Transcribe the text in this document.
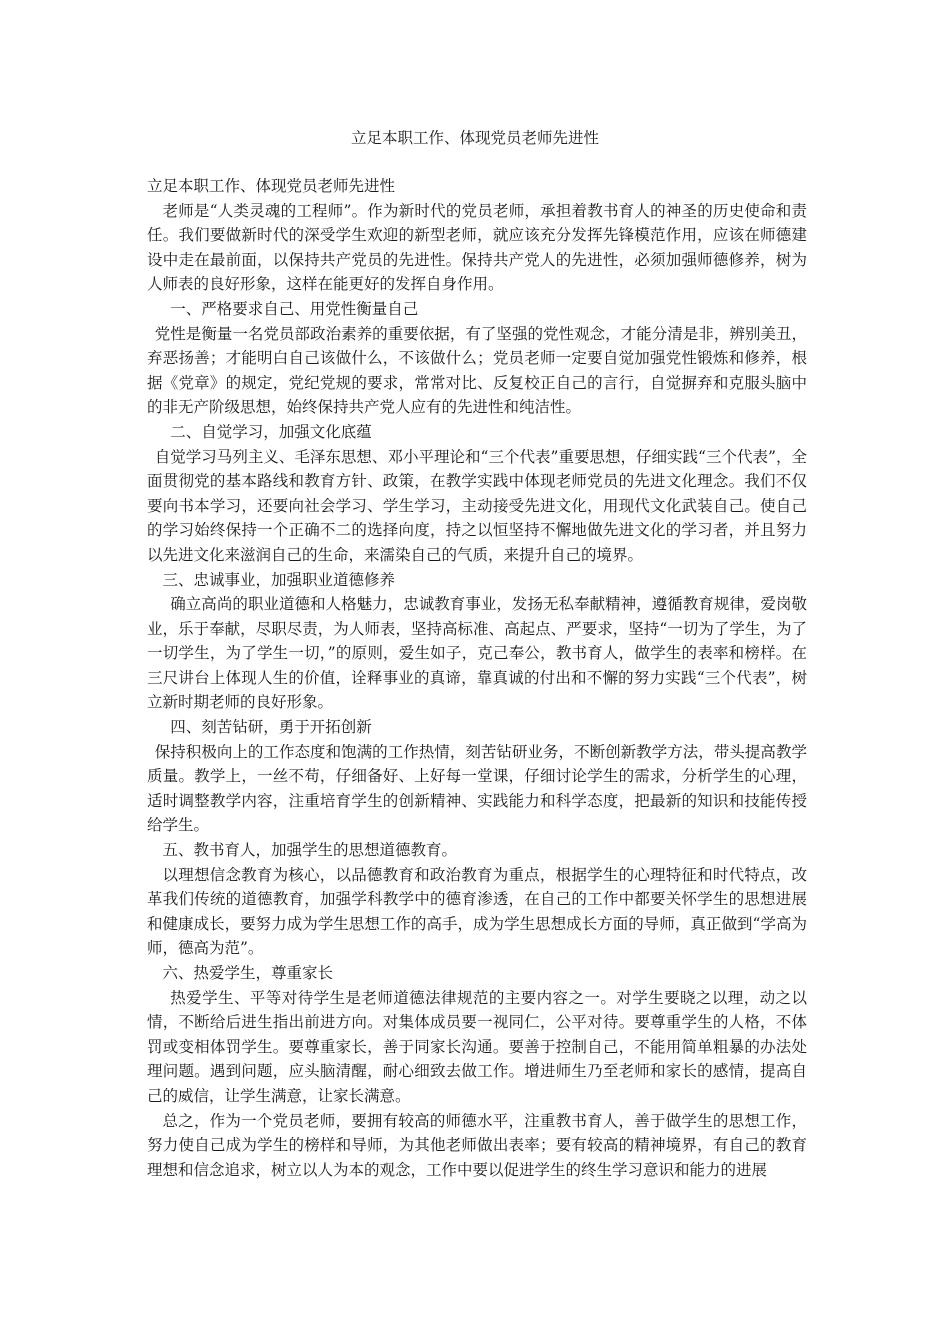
立足本职工作、体现党员老师先进性

立足本职工作、体现党员老师先进性

老师是“人类灵魂的工程师”。作为新时代的党员老师，承担着教书育人的神圣的历史使命和责任。我们要做新时代的深受学生欢迎的新型老师，就应该充分发挥先锋模范作用，应该在师德建设中走在最前面，以保持共产党员的先进性。保持共产党人的先进性，必须加强师德修养，树为人师表的良好形象，这样在能更好的发挥自身作用。

一、严格要求自己、用党性衡量自己

党性是衡量一名党员部政治素养的重要依据，有了坚强的党性观念，才能分清是非，辨别美丑，弃恶扬善；才能明白自己该做什么，不该做什么；党员老师一定要自觉加强党性锻炼和修养，根据《党章》的规定，党纪党规的要求，常常对比、反复校正自己的言行，自觉摒弃和克服头脑中的非无产阶级思想，始终保持共产党人应有的先进性和纯洁性。

二、自觉学习，加强文化底蕴

自觉学习马列主义、毛泽东思想、邓小平理论和“三个代表”重要思想，仔细实践“三个代表”，全面贯彻党的基本路线和教育方针、政策，在教学实践中体现老师党员的先进文化理念。我们不仅要向书本学习，还要向社会学习、学生学习，主动接受先进文化，用现代文化武装自己。使自己的学习始终保持一个正确不二的选择向度，持之以恒坚持不懈地做先进文化的学习者，并且努力以先进文化来滋润自己的生命，来濡染自己的气质，来提升自己的境界。

三、忠诚事业，加强职业道德修养

确立高尚的职业道德和人格魅力，忠诚教育事业，发扬无私奉献精神，遵循教育规律，爱岗敬业，乐于奉献，尽职尽责，为人师表，坚持高标准、高起点、严要求，坚持“一切为了学生，为了一切学生，为了学生一切，”的原则，爱生如子，克己奉公，教书育人，做学生的表率和榜样。在三尺讲台上体现人生的价值，诠释事业的真谛，靠真诚的付出和不懈的努力实践“三个代表”，树立新时期老师的良好形象。

四、刻苦钻研，勇于开拓创新

保持积极向上的工作态度和饱满的工作热情，刻苦钻研业务，不断创新教学方法，带头提高教学质量。教学上，一丝不苟，仔细备好、上好每一堂课，仔细讨论学生的需求，分析学生的心理，适时调整教学内容，注重培育学生的创新精神、实践能力和科学态度，把最新的知识和技能传授给学生。

五、教书育人，加强学生的思想道德教育。

以理想信念教育为核心，以品德教育和政治教育为重点，根据学生的心理特征和时代特点，改革我们传统的道德教育，加强学科教学中的德育渗透，在自己的工作中都要关怀学生的思想进展和健康成长，要努力成为学生思想工作的高手，成为学生思想成长方面的导师，真正做到“学高为师，德高为范”。

六、热爱学生，尊重家长

热爱学生、平等对待学生是老师道德法律规范的主要内容之一。对学生要晓之以理，动之以情，不断给后进生指出前进方向。对集体成员要一视同仁，公平对待。要尊重学生的人格，不体罚或变相体罚学生。要尊重家长，善于同家长沟通。要善于控制自己，不能用简单粗暴的办法处理问题。遇到问题，应头脑清醒，耐心细致去做工作。增进师生乃至老师和家长的感情，提高自己的威信，让学生满意，让家长满意。

总之，作为一个党员老师，要拥有较高的师德水平，注重教书育人，善于做学生的思想工作，努力使自己成为学生的榜样和导师，为其他老师做出表率；要有较高的精神境界，有自己的教育理想和信念追求，树立以人为本的观念，工作中要以促进学生的终生学习意识和能力的进展
